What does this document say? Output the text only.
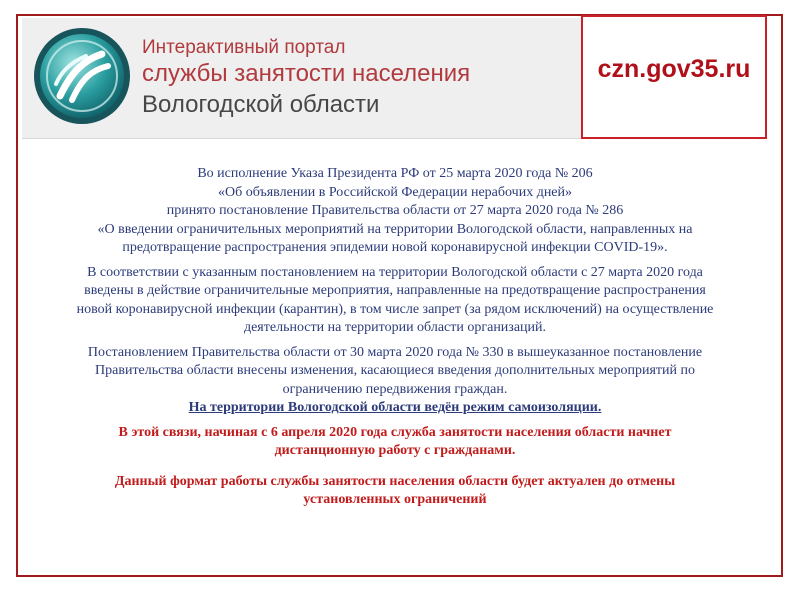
Интерактивный портал
службы занятости населения
Вологодской области
czn.gov35.ru

Во исполнение Указа Президента РФ от 25 марта 2020 года № 206
«Об объявлении в Российской Федерации нерабочих дней»
принято постановление Правительства области от 27 марта 2020 года № 286
«О введении ограничительных мероприятий на территории Вологодской области, направленных на
предотвращение распространения эпидемии новой коронавирусной инфекции COVID-19».

В соответствии с указанным постановлением на территории Вологодской области с 27 марта 2020 года
введены в действие ограничительные мероприятия, направленные на предотвращение распространения
новой коронавирусной инфекции (карантин), в том числе запрет (за рядом исключений) на осуществление
деятельности на территории области организаций.

Постановлением Правительства области от 30 марта 2020 года № 330 в вышеуказанное постановление
Правительства области внесены изменения, касающиеся введения дополнительных мероприятий по
ограничению передвижения граждан.
На территории Вологодской области ведён режим самоизоляции.

В этой связи, начиная с 6 апреля 2020 года служба занятости населения области начнет
дистанционную работу с гражданами.

Данный формат работы службы занятости населения области будет актуален до отмены
установленных ограничений
